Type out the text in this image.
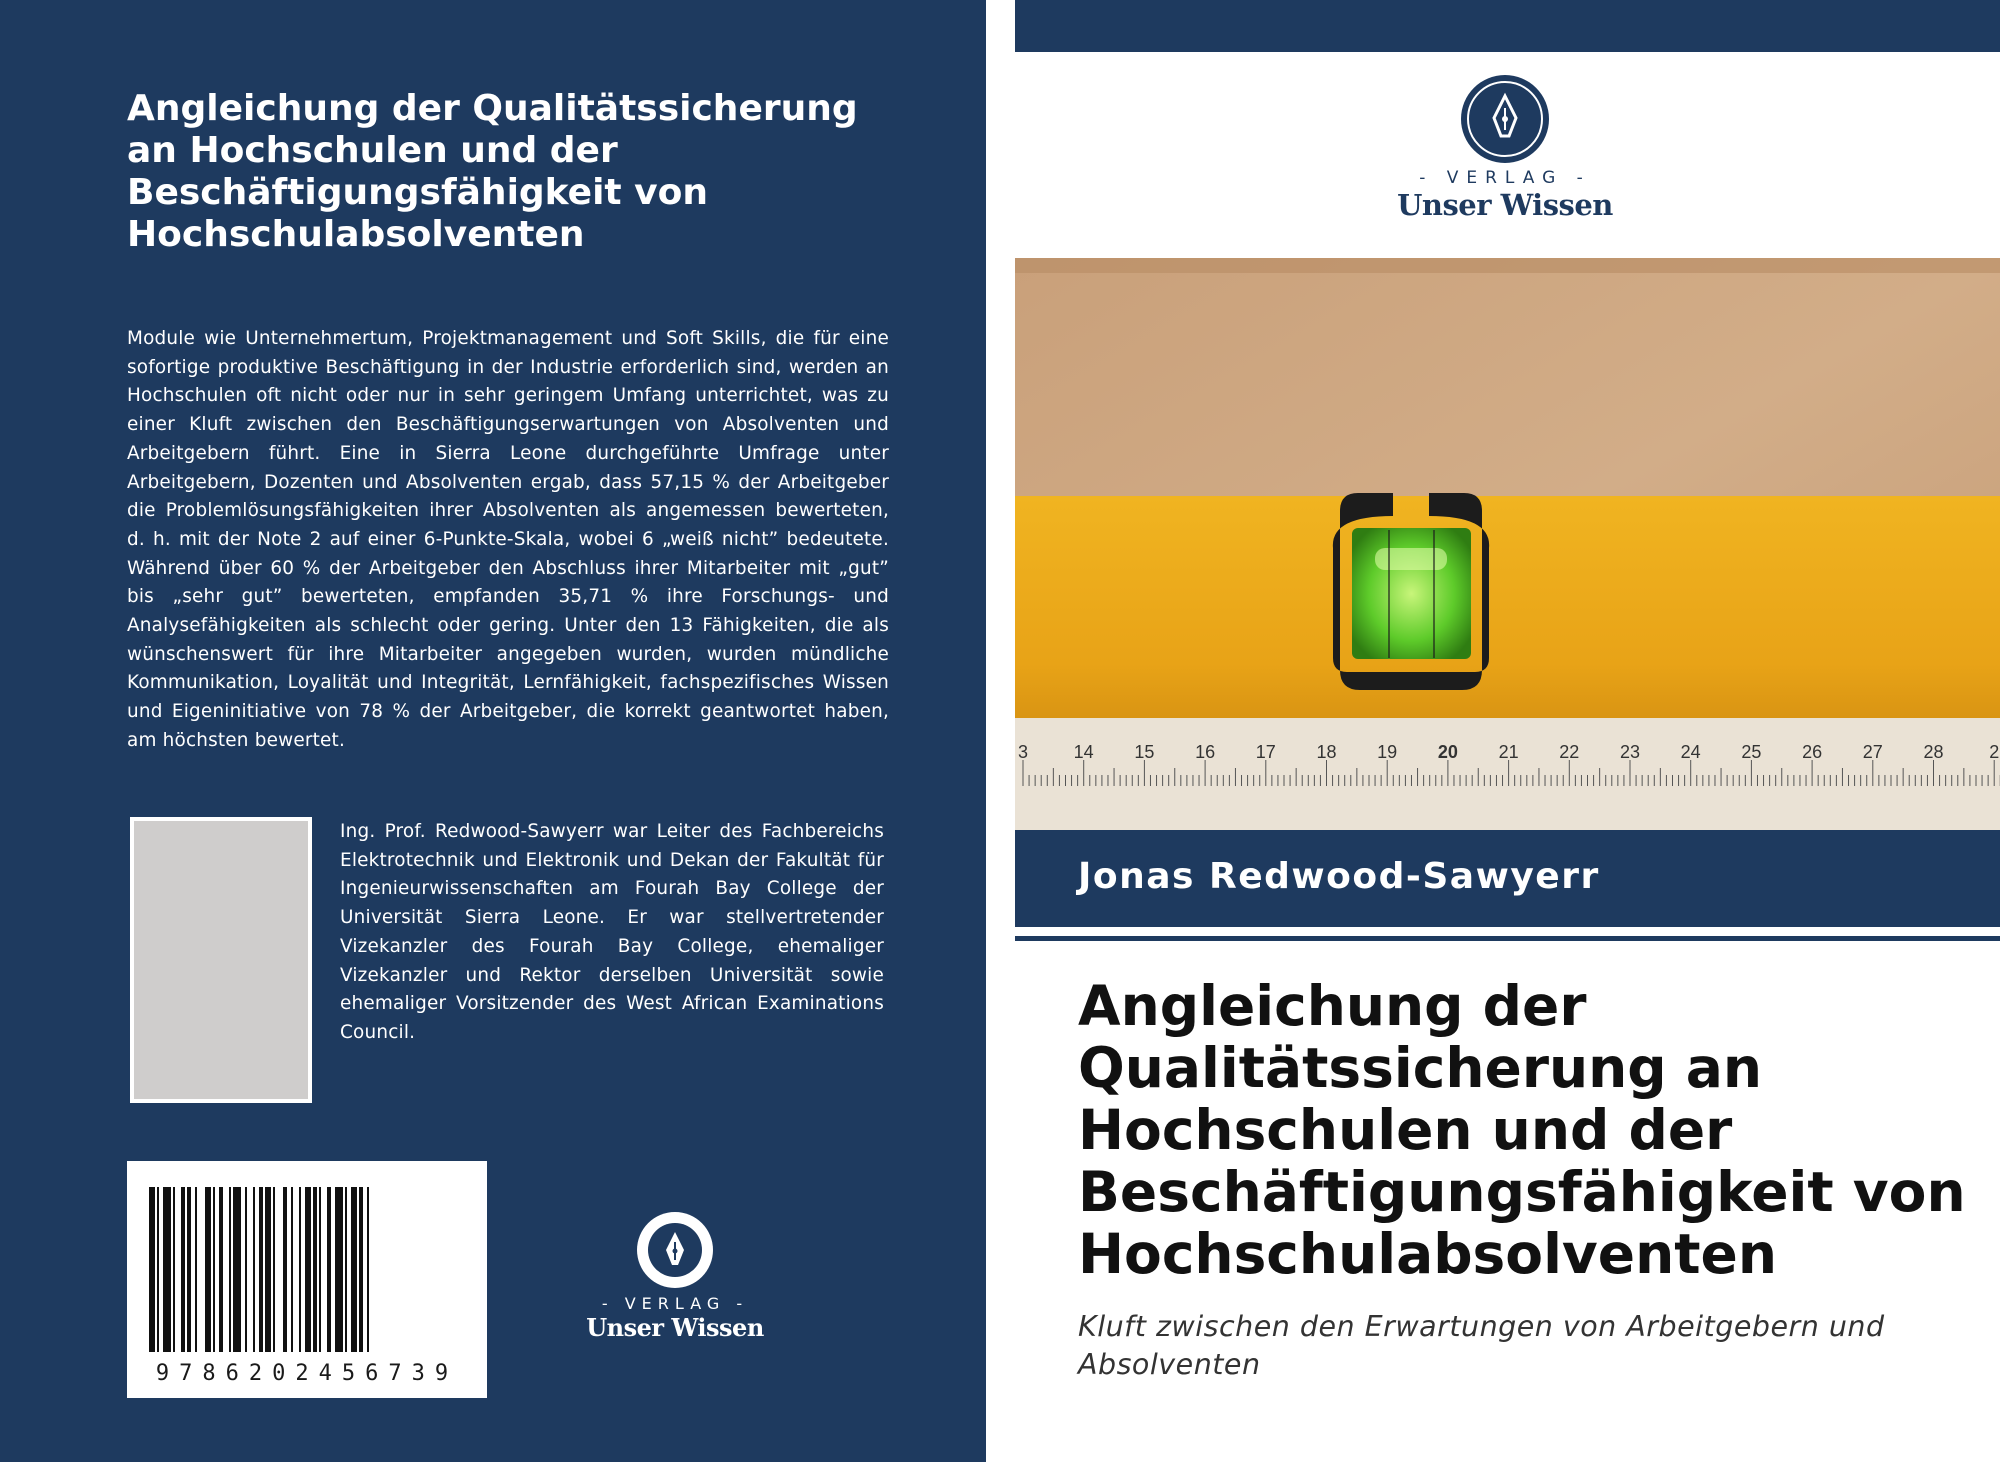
Angleichung der Qualitätssicherung an Hochschulen und der Beschäftigungsfähigkeit von Hochschulabsolventen

Module wie Unternehmertum, Projektmanagement und Soft Skills, die für eine sofortige produktive Beschäftigung in der Industrie erforderlich sind, werden an Hochschulen oft nicht oder nur in sehr geringem Umfang unterrichtet, was zu einer Kluft zwischen den Beschäftigungserwartungen von Absolventen und Arbeitgebern führt. Eine in Sierra Leone durchgeführte Umfrage unter Arbeitgebern, Dozenten und Absolventen ergab, dass 57,15 % der Arbeitgeber die Problemlösungsfähigkeiten ihrer Absolventen als angemessen bewerteten, d. h. mit der Note 2 auf einer 6-Punkte-Skala, wobei 6 „weiß nicht” bedeutete. Während über 60 % der Arbeitgeber den Abschluss ihrer Mitarbeiter mit „gut” bis „sehr gut” bewerteten, empfanden 35,71 % ihre Forschungs- und Analysefähigkeiten als schlecht oder gering. Unter den 13 Fähigkeiten, die als wünschenswert für ihre Mitarbeiter angegeben wurden, wurden mündliche Kommunikation, Loyalität und Integrität, Lernfähigkeit, fachspezifisches Wissen und Eigeninitiative von 78 % der Arbeitgeber, die korrekt geantwortet haben, am höchsten bewertet.

Ing. Prof. Redwood-Sawyerr war Leiter des Fachbereichs Elektrotechnik und Elektronik und Dekan der Fakultät für Ingenieurwissenschaften am Fourah Bay College der Universität Sierra Leone. Er war stellvertretender Vizekanzler des Fourah Bay College, ehemaliger Vizekanzler und Rektor derselben Universität sowie ehemaliger Vorsitzender des West African Examinations Council.

9786202456739
- VERLAG -
Unser Wissen
- VERLAG -
Unser Wissen
3	14 15 16 17 18 19 20 21 22 23 24 25 26 27 28	2
Jonas Redwood-Sawyerr
Angleichung der Qualitätssicherung an Hochschulen und der Beschäftigungsfähigkeit von Hochschulabsolventen

Kluft zwischen den Erwartungen von Arbeitgebern und Absolventen
